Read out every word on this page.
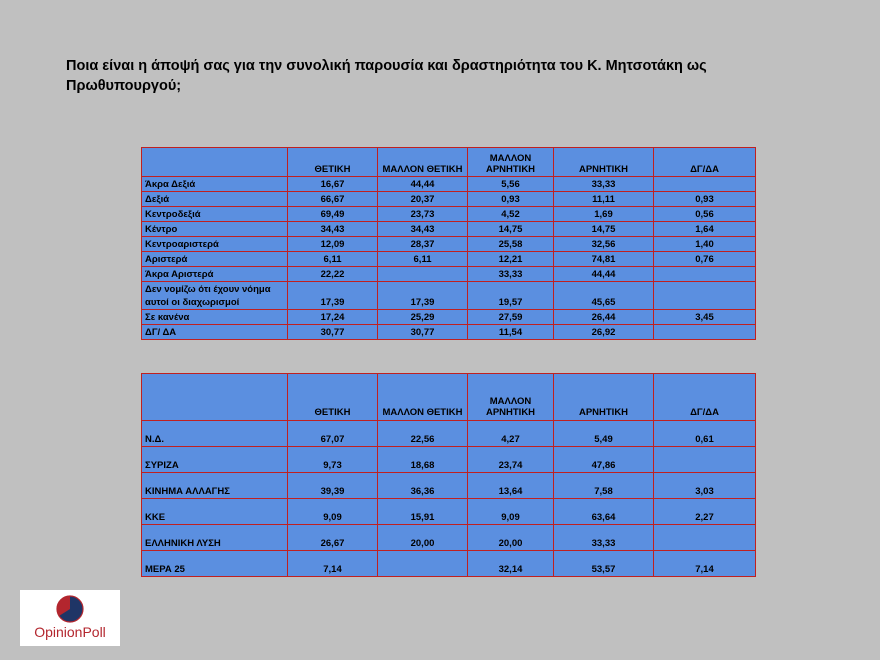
Ποια είναι η άποψή σας για την συνολική παρουσία και δραστηριότητα του Κ. Μητσοτάκη ως Πρωθυπουργού;
	ΘΕΤΙΚΗ	ΜΑΛΛΟΝ ΘΕΤΙΚΗ	ΜΑΛΛΟΝ ΑΡΝΗΤΙΚΗ	ΑΡΝΗΤΙΚΗ	ΔΓ/ΔΑ
Άκρα Δεξιά	16,67	44,44	5,56	33,33	
Δεξιά	66,67	20,37	0,93	11,11	0,93
Κεντροδεξιά	69,49	23,73	4,52	1,69	0,56
Κέντρο	34,43	34,43	14,75	14,75	1,64
Κεντροαριστερά	12,09	28,37	25,58	32,56	1,40
Αριστερά	6,11	6,11	12,21	74,81	0,76
Άκρα Αριστερά	22,22		33,33	44,44	
Δεν νομίζω ότι έχουν νόημα αυτοί οι διαχωρισμοί	17,39	17,39	19,57	45,65	
Σε κανένα	17,24	25,29	27,59	26,44	3,45
ΔΓ/ ΔΑ	30,77	30,77	11,54	26,92	
	ΘΕΤΙΚΗ	ΜΑΛΛΟΝ ΘΕΤΙΚΗ	ΜΑΛΛΟΝ ΑΡΝΗΤΙΚΗ	ΑΡΝΗΤΙΚΗ	ΔΓ/ΔΑ
Ν.Δ.	67,07	22,56	4,27	5,49	0,61
ΣΥΡΙΖΑ	9,73	18,68	23,74	47,86	
ΚΙΝΗΜΑ ΑΛΛΑΓΗΣ	39,39	36,36	13,64	7,58	3,03
ΚΚΕ	9,09	15,91	9,09	63,64	2,27
ΕΛΛΗΝΙΚΗ ΛΥΣΗ	26,67	20,00	20,00	33,33	
ΜΕΡΑ 25	7,14		32,14	53,57	7,14
OpinionPoll
